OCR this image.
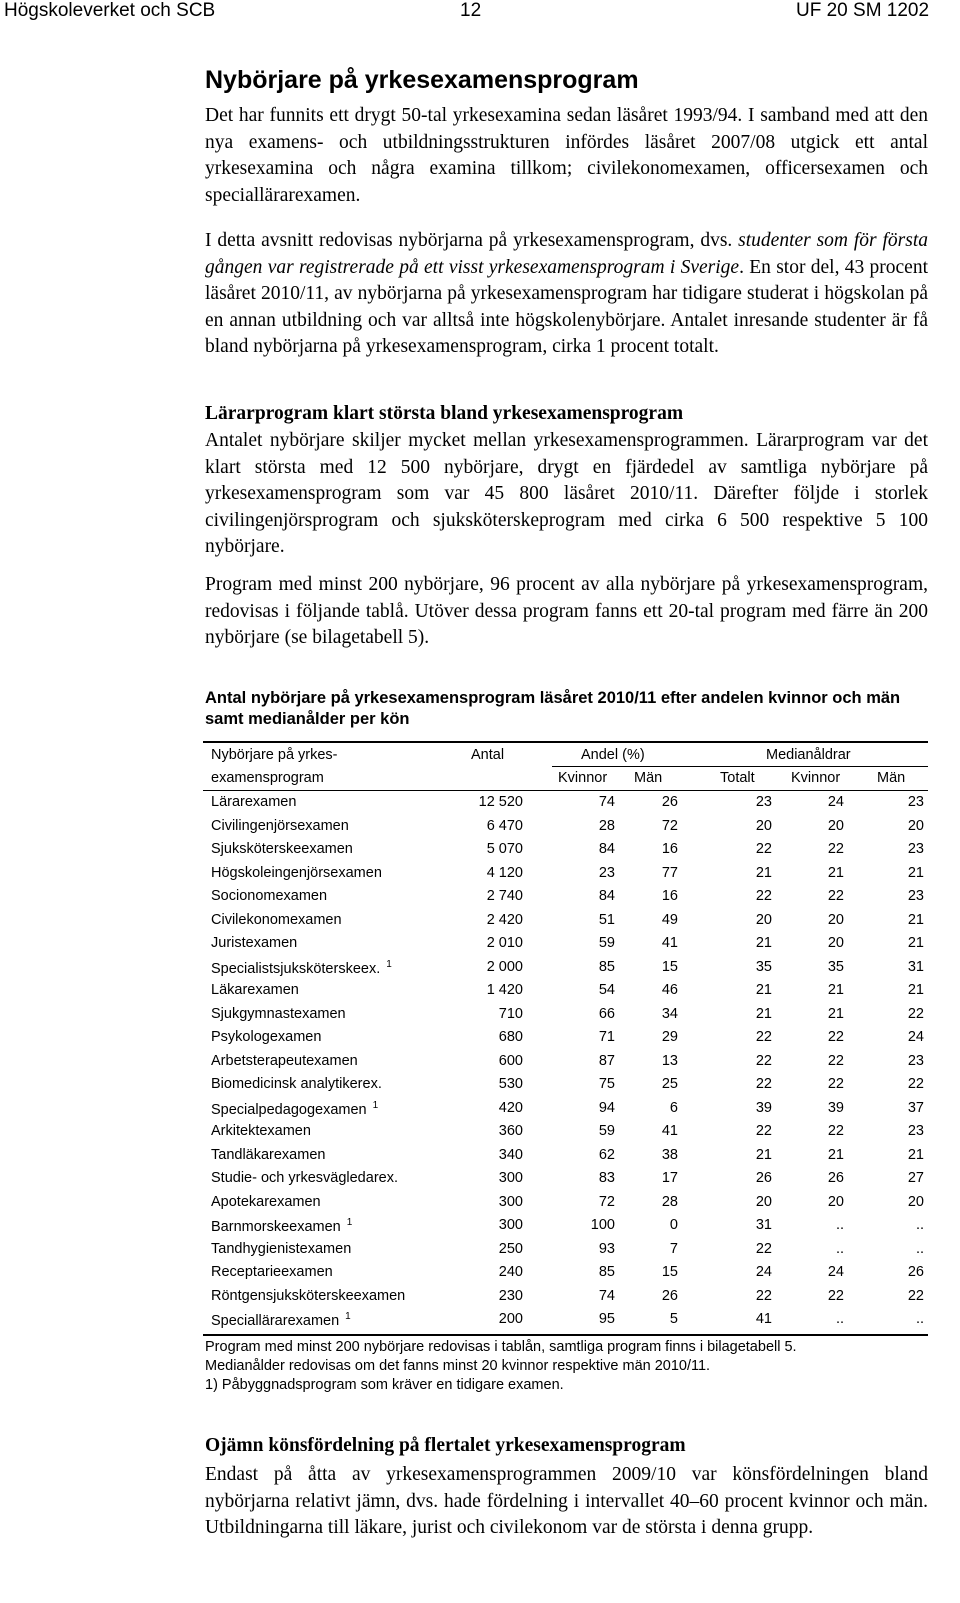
Högskoleverket och SCB	12	UF 20 SM 1202
Nybörjare på yrkesexamensprogram

Det har funnits ett drygt 50-tal yrkesexamina sedan läsåret 1993/94. I samband med att den nya examens- och utbildningsstrukturen infördes läsåret 2007/08 utgick ett antal yrkesexamina och några examina tillkom; civilekonomexamen, officersexamen och speciallärarexamen.

I detta avsnitt redovisas nybörjarna på yrkesexamensprogram, dvs. studenter som för första gången var registrerade på ett visst yrkesexamensprogram i Sverige. En stor del, 43 procent läsåret 2010/11, av nybörjarna på yrkesexamensprogram har tidigare studerat i högskolan på en annan utbildning och var alltså inte högskolenybörjare. Antalet inresande studenter är få bland nybörjarna på yrkesexamensprogram, cirka 1 procent totalt.

Lärarprogram klart största bland yrkesexamensprogram

Antalet nybörjare skiljer mycket mellan yrkesexamensprogrammen. Lärarprogram var det klart största med 12 500 nybörjare, drygt en fjärdedel av samtliga nybörjare på yrkesexamensprogram som var 45 800 läsåret 2010/11. Därefter följde i storlek civilingenjörsprogram och sjuksköterskeprogram med cirka 6 500 respektive 5 100 nybörjare.

Program med minst 200 nybörjare, 96 procent av alla nybörjare på yrkesexamensprogram, redovisas i följande tablå. Utöver dessa program fanns ett 20-tal program med färre än 200 nybörjare (se bilagetabell 5).

Antal nybörjare på yrkesexamensprogram läsåret 2010/11 efter andelen kvinnor och män samt medianålder per kön

Nybörjare på yrkes-	Antal	Andel (%)	Medianåldrar
examensprogram	Kvinnor Män	Totalt	Kvinnor	Män
Lärarexamen	12 520	74	26	23	24	23
Civilingenjörsexamen	6 470	28	72	20	20	20
Sjuksköterskeexamen	5 070	84	16	22	22	23
Högskoleingenjörsexamen	4 120	23	77	21	21	21
Socionomexamen	2 740	84	16	22	22	23
Civilekonomexamen	2 420	51	49	20	20	21
Juristexamen	2 010	59	41	21	20	21
Specialistsjuksköterskeex. $^1$	2 000	85	15	35	35	31
Läkarexamen	1 420	54	46	21	21	21
Sjukgymnastexamen	710	66	34	21	21	22
Psykologexamen	680	71	29	22	22	24
Arbetsterapeutexamen	600	87	13	22	22	23
Biomedicinsk analytikerex.	530	75	25	22	22	22
Specialpedagogexamen $^1$	420	94	6	39	39	37
Arkitektexamen	360	59	41	22	22	23
Tandläkarexamen	340	62	38	21	21	21
Studie- och yrkesvägledarex.	300	83	17	26	26	27
Apotekarexamen	300	72	28	20	20	20
Barnmorskeexamen $^1$	300	100	0	31	..	..
Tandhygienistexamen	250	93	7	22	..	..
Receptarieexamen	240	85	15	24	24	26
Röntgensjuksköterskeexamen	230	74	26	22	22	22
Speciallärarexamen $^1$	200	95	5	41	..	..
Program med minst 200 nybörjare redovisas i tablån, samtliga program finns i bilagetabell 5.
Medianålder redovisas om det fanns minst 20 kvinnor respektive män 2010/11.
1) Påbyggnadsprogram som kräver en tidigare examen.
Ojämn könsfördelning på flertalet yrkesexamensprogram

Endast på åtta av yrkesexamensprogrammen 2009/10 var könsfördelningen bland nybörjarna relativt jämn, dvs. hade fördelning i intervallet 40–60 procent kvinnor och män. Utbildningarna till läkare, jurist och civilekonom var de största i denna grupp.
